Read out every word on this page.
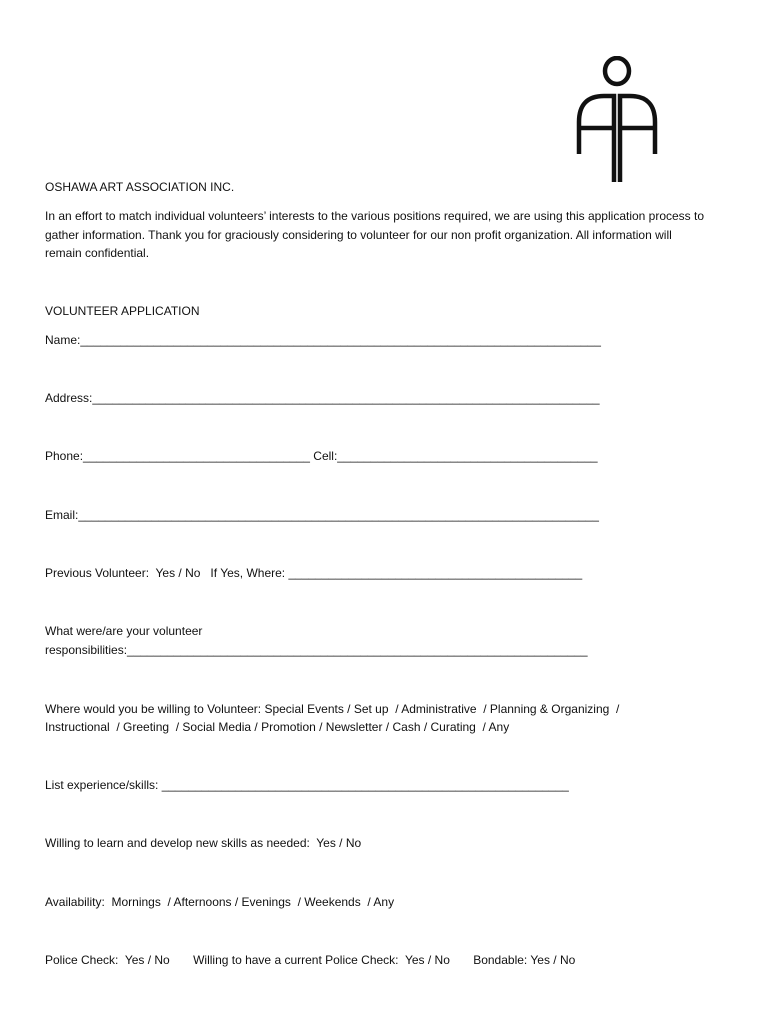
OSHAWA ART ASSOCIATION INC.
In an effort to match individual volunteers’ interests to the various positions required, we are using this application process to gather information. Thank you for graciously considering to volunteer for our non profit organization. All information will remain confidential.
VOLUNTEER APPLICATION
Name:______________________________________________________________________________
Address:____________________________________________________________________________
Phone:__________________________________ Cell:_______________________________________
Email:______________________________________________________________________________
Previous Volunteer:  Yes / No   If Yes, Where: ____________________________________________
What were/are your volunteer
responsibilities:_____________________________________________________________________
Where would you be willing to Volunteer: Special Events / Set up  / Administrative  / Planning & Organizing  /
Instructional  / Greeting  / Social Media / Promotion / Newsletter / Cash / Curating  / Any
List experience/skills: _____________________________________________________________
Willing to learn and develop new skills as needed:  Yes / No
Availability:  Mornings  / Afternoons / Evenings  / Weekends  / Any
Police Check:  Yes / No       Willing to have a current Police Check:  Yes / No       Bondable: Yes / No
